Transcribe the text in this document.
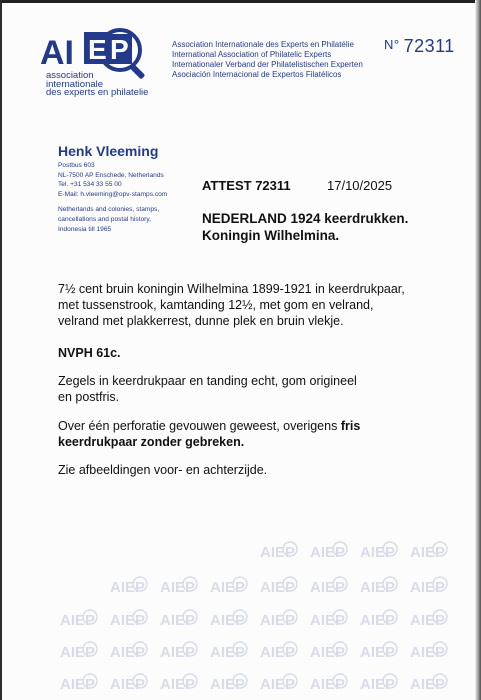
AI E P
association
internationale
des experts en philatelie
Association Internationale des Experts en Philatélie
International Association of Philatelic Experts
Internationaler Verband der Philatelistischen Experten
Asociación Internacional de Expertos Filatélicos
N° 72311
Henk Vleeming
Postbus 603
NL-7500 AP Enschede, Netherlands
Tel. +31 534 33 55 00
E-Mail: h.vleeming@opv-stamps.com
Netherlands and colonies, stamps,
cancellations and postal history,
Indonesia till 1965
ATTEST 72311	17/10/2025
NEDERLAND 1924 keerdrukken.
Koningin Wilhelmina.
7½ cent bruin koningin Wilhelmina 1899-1921 in keerdrukpaar,
met tussenstrook, kamtanding 12½, met gom en velrand,
velrand met plakkerrest, dunne plek en bruin vlekje.
NVPH 61c.
Zegels in keerdrukpaar en tanding echt, gom origineel
en postfris.
Over één perforatie gevouwen geweest, overigens fris
keerdrukpaar zonder gebreken.
Zie afbeeldingen voor- en achterzijde.
AIEP AIEP AIEP AIEP
AIEP AIEP AIEP AIEP AIEP AIEP AIEP
AIEP AIEP AIEP AIEP AIEP AIEP AIEP AIEP
AIEP AIEP AIEP AIEP AIEP AIEP AIEP AIEP
AIEP AIEP AIEP AIEP AIEP AIEP AIEP AIEP
